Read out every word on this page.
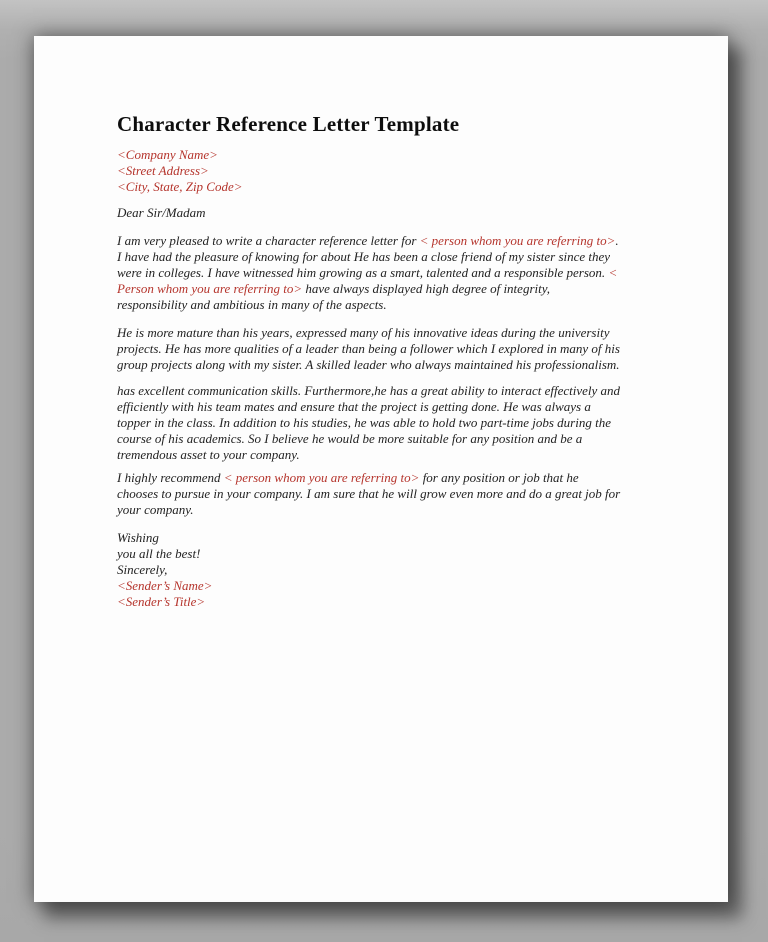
Character Reference Letter Template

<Company Name>
<Street Address>
<City, State, Zip Code>

Dear Sir/Madam

I am very pleased to write a character reference letter for < person whom you are referring to>.
I have had the pleasure of knowing for about He has been a close friend of my sister since they
were in colleges. I have witnessed him growing as a smart, talented and a responsible person. <
Person whom you are referring to> have always displayed high degree of integrity,
responsibility and ambitious in many of the aspects.

He is more mature than his years, expressed many of his innovative ideas during the university
projects. He has more qualities of a leader than being a follower which I explored in many of his
group projects along with my sister. A skilled leader who always maintained his professionalism.

has excellent communication skills. Furthermore,he has a great ability to interact effectively and
efficiently with his team mates and ensure that the project is getting done. He was always a
topper in the class. In addition to his studies, he was able to hold two part-time jobs during the
course of his academics. So I believe he would be more suitable for any position and be a
tremendous asset to your company.

I highly recommend < person whom you are referring to> for any position or job that he
chooses to pursue in your company. I am sure that he will grow even more and do a great job for
your company.

Wishing
you all the best!
Sincerely,
<Sender’s Name>
<Sender’s Title>
